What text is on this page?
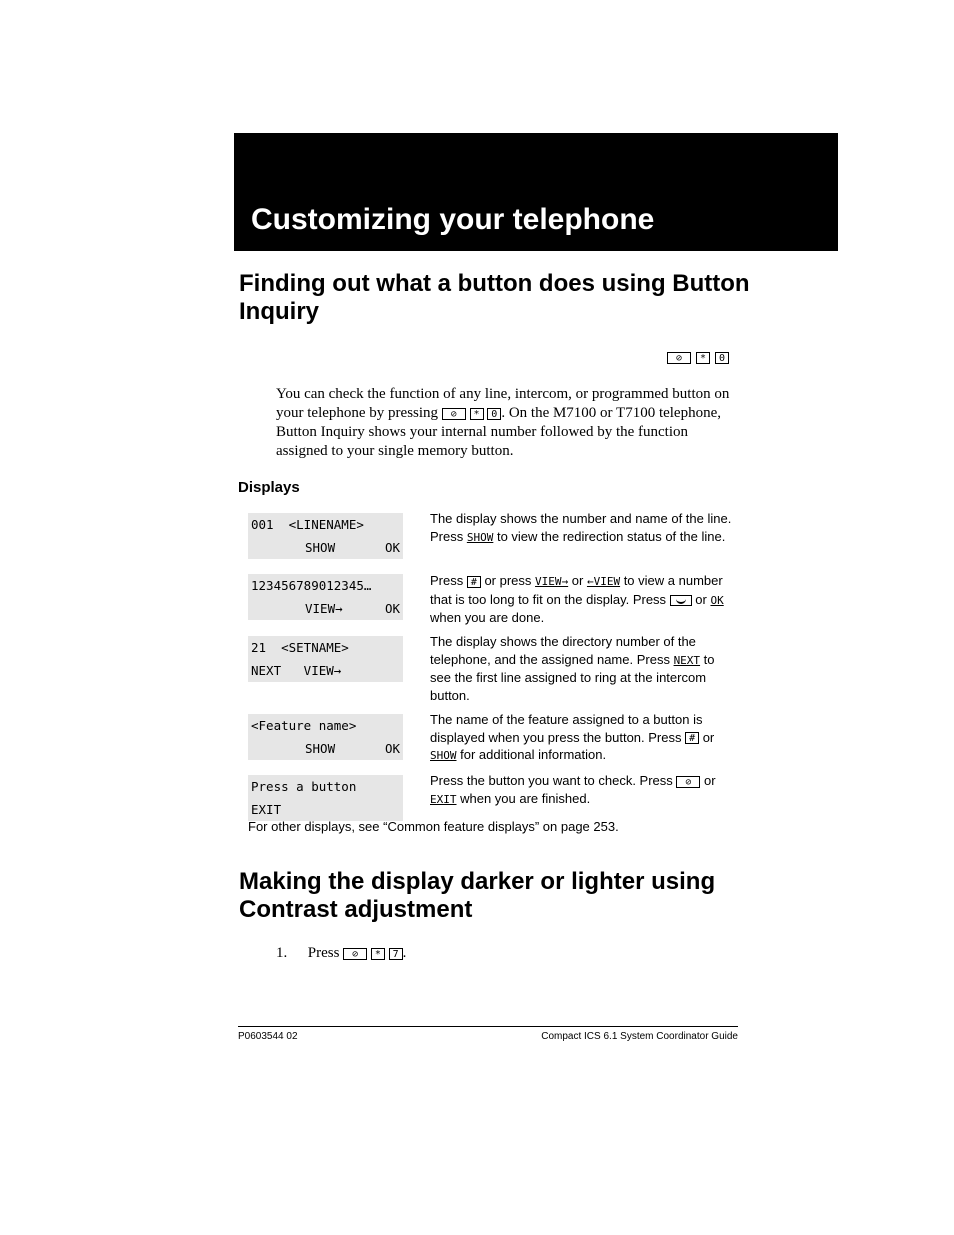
Customizing your telephone
Finding out what a button does using Button Inquiry
⊘	*	0

You can check the function of any line, intercom, or programmed button on your telephone by pressing ⊘ * 0 . On the M7100 or T7100 telephone, Button Inquiry shows your internal number followed by the function assigned to your single memory button.

Displays
001  <LINENAME>
SHOW	OK

The display shows the number and name of the line. Press SHOW to view the redirection status of the line.

123456789012345…
VIEW→	OK

Press # or press VIEW→ or ←VIEW to view a number that is too long to fit on the display. Press  or OK when you are done.

21  <SETNAME>
NEXT   VIEW→

The display shows the directory number of the telephone, and the assigned name. Press NEXT to see the first line assigned to ring at the intercom button.

<Feature name>
SHOW	OK

The name of the feature assigned to a button is displayed when you press the button. Press # or SHOW for additional information.

Press a button
EXIT

Press the button you want to check. Press ⊘ or EXIT when you are finished.

For other displays, see “Common feature displays” on page 253.

Making the display darker or lighter using Contrast adjustment
1. Press ⊘ * 7 .
P0603544 02	Compact ICS 6.1 System Coordinator Guide
